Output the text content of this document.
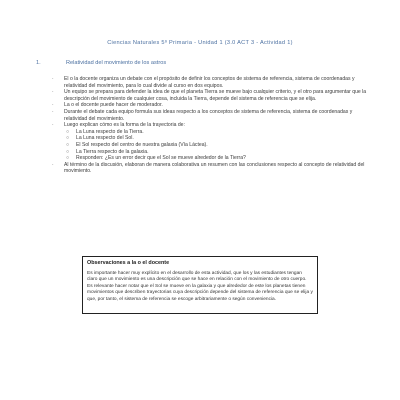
Ciencias Naturales 5º Primaria - Unidad 1 (3.0 ACT 3 - Actividad 1)
1.	Relatividad del movimiento de los astros

· El o la docente organiza un debate con el propósito de definir los conceptos de sistema de referencia, sistema de coordenadas y relatividad del movimiento, para lo cual divide al curso en dos equipos.

· Un equipo se prepara para defender la idea de que el planeta Tierra se mueve bajo cualquier criterio, y el otro para argumentar que la descripción del movimiento de cualquier cosa, incluida la Tierra, depende del sistema de referencia que se elija.

· La o el docente puede hacer de moderador.

· Durante el debate cada equipo formula sus ideas respecto a los conceptos de sistema de referencia, sistema de coordenadas y relatividad del movimiento.

· Luego explican cómo es la forma de la trayectoria de:

○ La Luna respecto de la Tierra.

○ La Luna respecto del Sol.

○ El Sol respecto del centro de nuestra galaxia (Vía Láctea).

○ La Tierra respecto de la galaxia.

○ Responden: ¿Es un error decir que el Sol se mueve alrededor de la Tierra?

· Al término de la discusión, elaboran de manera colaborativa un resumen con las conclusiones respecto al concepto de relatividad del movimiento.

Observaciones a la o el docente
Es importante hacer muy explícito en el desarrollo de esta actividad, que los y las estudiantes tengan claro que un movimiento es una descripción que se hace en relación con el movimiento de otro cuerpo. Es relevante hacer notar que el Sol se mueve en la galaxia y que alrededor de este los planetas tienen movimientos que describen trayectorias cuya descripción depende del sistema de referencia que se elija y que, por tanto, el sistema de referencia se escoge arbitrariamente o según conveniencia.
